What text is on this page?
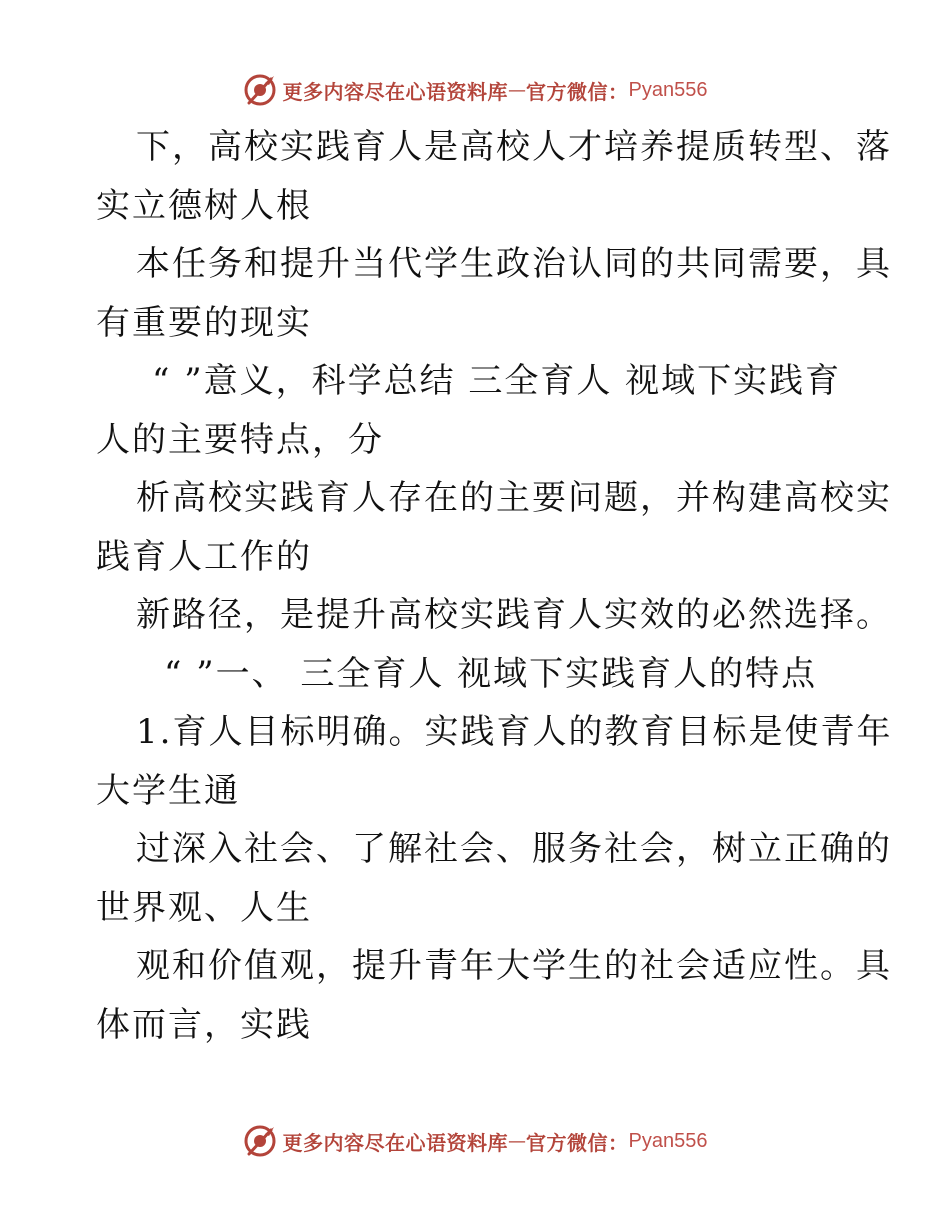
更多内容尽在心语资料库 — 官方微信： Pyan556
下，高校实践育人是高校人才培养提质转型、落
实立德树人根
本任务和提升当代学生政治认同的共同需要，具
有重要的现实
“ ”意义，科学总结 三全育人 视域下实践育
人的主要特点，分
析高校实践育人存在的主要问题，并构建高校实
践育人工作的
新路径，是提升高校实践育人实效的必然选择。
“ ”一、 三全育人 视域下实践育人的特点
1.育人目标明确。实践育人的教育目标是使青年
大学生通
过深入社会、了解社会、服务社会，树立正确的
世界观、人生
观和价值观，提升青年大学生的社会适应性。具
体而言，实践
更多内容尽在心语资料库 — 官方微信： Pyan556
